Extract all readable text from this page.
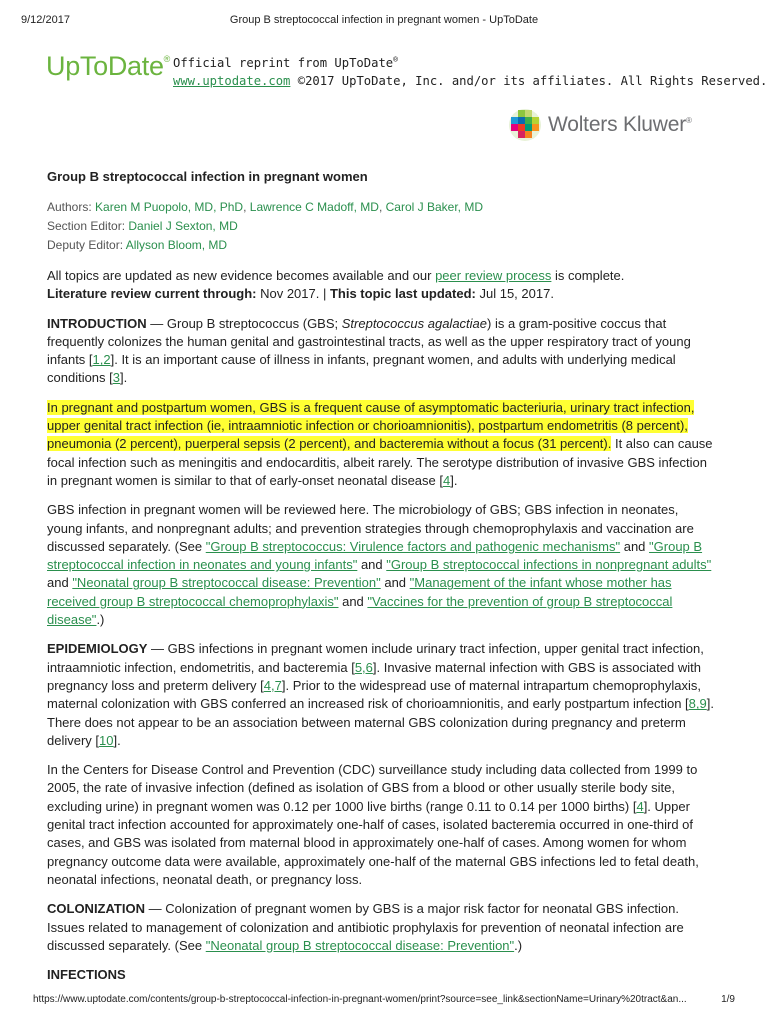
9/12/2017	Group B streptococcal infection in pregnant women - UpToDate
UpToDate® Official reprint from UpToDate®
www.uptodate.com ©2017 UpToDate, Inc. and/or its affiliates. All Rights Reserved.
Wolters Kluwer®
Group B streptococcal infection in pregnant women
Authors: Karen M Puopolo, MD, PhD, Lawrence C Madoff, MD, Carol J Baker, MD
Section Editor: Daniel J Sexton, MD
Deputy Editor: Allyson Bloom, MD

All topics are updated as new evidence becomes available and our peer review process is complete.
Literature review current through: Nov 2017. | This topic last updated: Jul 15, 2017.

INTRODUCTION — Group B streptococcus (GBS; Streptococcus agalactiae) is a gram-positive coccus that frequently colonizes the human genital and gastrointestinal tracts, as well as the upper respiratory tract of young infants [1,2]. It is an important cause of illness in infants, pregnant women, and adults with underlying medical conditions [3].

In pregnant and postpartum women, GBS is a frequent cause of asymptomatic bacteriuria, urinary tract infection, upper genital tract infection (ie, intraamniotic infection or chorioamnionitis), postpartum endometritis (8 percent), pneumonia (2 percent), puerperal sepsis (2 percent), and bacteremia without a focus (31 percent). It also can cause focal infection such as meningitis and endocarditis, albeit rarely. The serotype distribution of invasive GBS infection in pregnant women is similar to that of early-onset neonatal disease [4].

GBS infection in pregnant women will be reviewed here. The microbiology of GBS; GBS infection in neonates, young infants, and nonpregnant adults; and prevention strategies through chemoprophylaxis and vaccination are discussed separately. (See "Group B streptococcus: Virulence factors and pathogenic mechanisms" and "Group B streptococcal infection in neonates and young infants" and "Group B streptococcal infections in nonpregnant adults" and "Neonatal group B streptococcal disease: Prevention" and "Management of the infant whose mother has received group B streptococcal chemoprophylaxis" and "Vaccines for the prevention of group B streptococcal disease".)

EPIDEMIOLOGY — GBS infections in pregnant women include urinary tract infection, upper genital tract infection, intraamniotic infection, endometritis, and bacteremia [5,6]. Invasive maternal infection with GBS is associated with pregnancy loss and preterm delivery [4,7]. Prior to the widespread use of maternal intrapartum chemoprophylaxis, maternal colonization with GBS conferred an increased risk of chorioamnionitis, and early postpartum infection [8,9]. There does not appear to be an association between maternal GBS colonization during pregnancy and preterm delivery [10].

In the Centers for Disease Control and Prevention (CDC) surveillance study including data collected from 1999 to 2005, the rate of invasive infection (defined as isolation of GBS from a blood or other usually sterile body site, excluding urine) in pregnant women was 0.12 per 1000 live births (range 0.11 to 0.14 per 1000 births) [4]. Upper genital tract infection accounted for approximately one-half of cases, isolated bacteremia occurred in one-third of cases, and GBS was isolated from maternal blood in approximately one-half of cases. Among women for whom pregnancy outcome data were available, approximately one-half of the maternal GBS infections led to fetal death, neonatal infections, neonatal death, or pregnancy loss.

COLONIZATION — Colonization of pregnant women by GBS is a major risk factor for neonatal GBS infection. Issues related to management of colonization and antibiotic prophylaxis for prevention of neonatal infection are discussed separately. (See "Neonatal group B streptococcal disease: Prevention".)

INFECTIONS
https://www.uptodate.com/contents/group-b-streptococcal-infection-in-pregnant-women/print?source=see_link&sectionName=Urinary%20tract&an...	1/9
